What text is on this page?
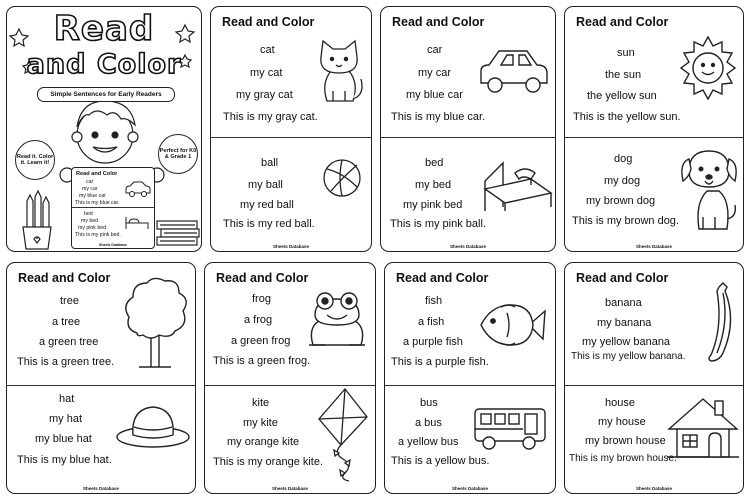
Read
and Color
Simple Sentences for Early Readers
Read it. Color it. Learn it!
Perfect for K0 & Grade 1
Read and Color
car
my car
my blue car
This is my blue car.
bed
my bed
my pink bed
This is my pink bed.
Sheets Database
Read and Color
cat
my cat
my gray cat
This is my gray cat.
ball
my ball
my red ball
This is my red ball.
Sheets Database
Read and Color
car
my car
my blue car
This is my blue car.
bed
my bed
my pink bed
This is my pink ball.
Sheets Database
Read and Color
sun
the sun
the yellow sun
This is the yellow sun.
dog
my dog
my brown dog
This is my brown dog.
Sheets Database
Read and Color
tree
a tree
a green tree
This is a green tree.
hat
my hat
my blue hat
This is my blue hat.
Sheets Database
Read and Color
frog
a frog
a green frog
This is a green frog.
kite
my kite
my orange kite
This is my orange kite.
Sheets Database
Read and Color
fish
a fish
a purple fish
This is a purple fish.
bus
a bus
a yellow bus
This is a yellow bus.
Sheets Database
Read and Color
banana
my banana
my yellow banana
This is my yellow banana.
house
my house
my brown house
This is my brown house.
Sheets Database
